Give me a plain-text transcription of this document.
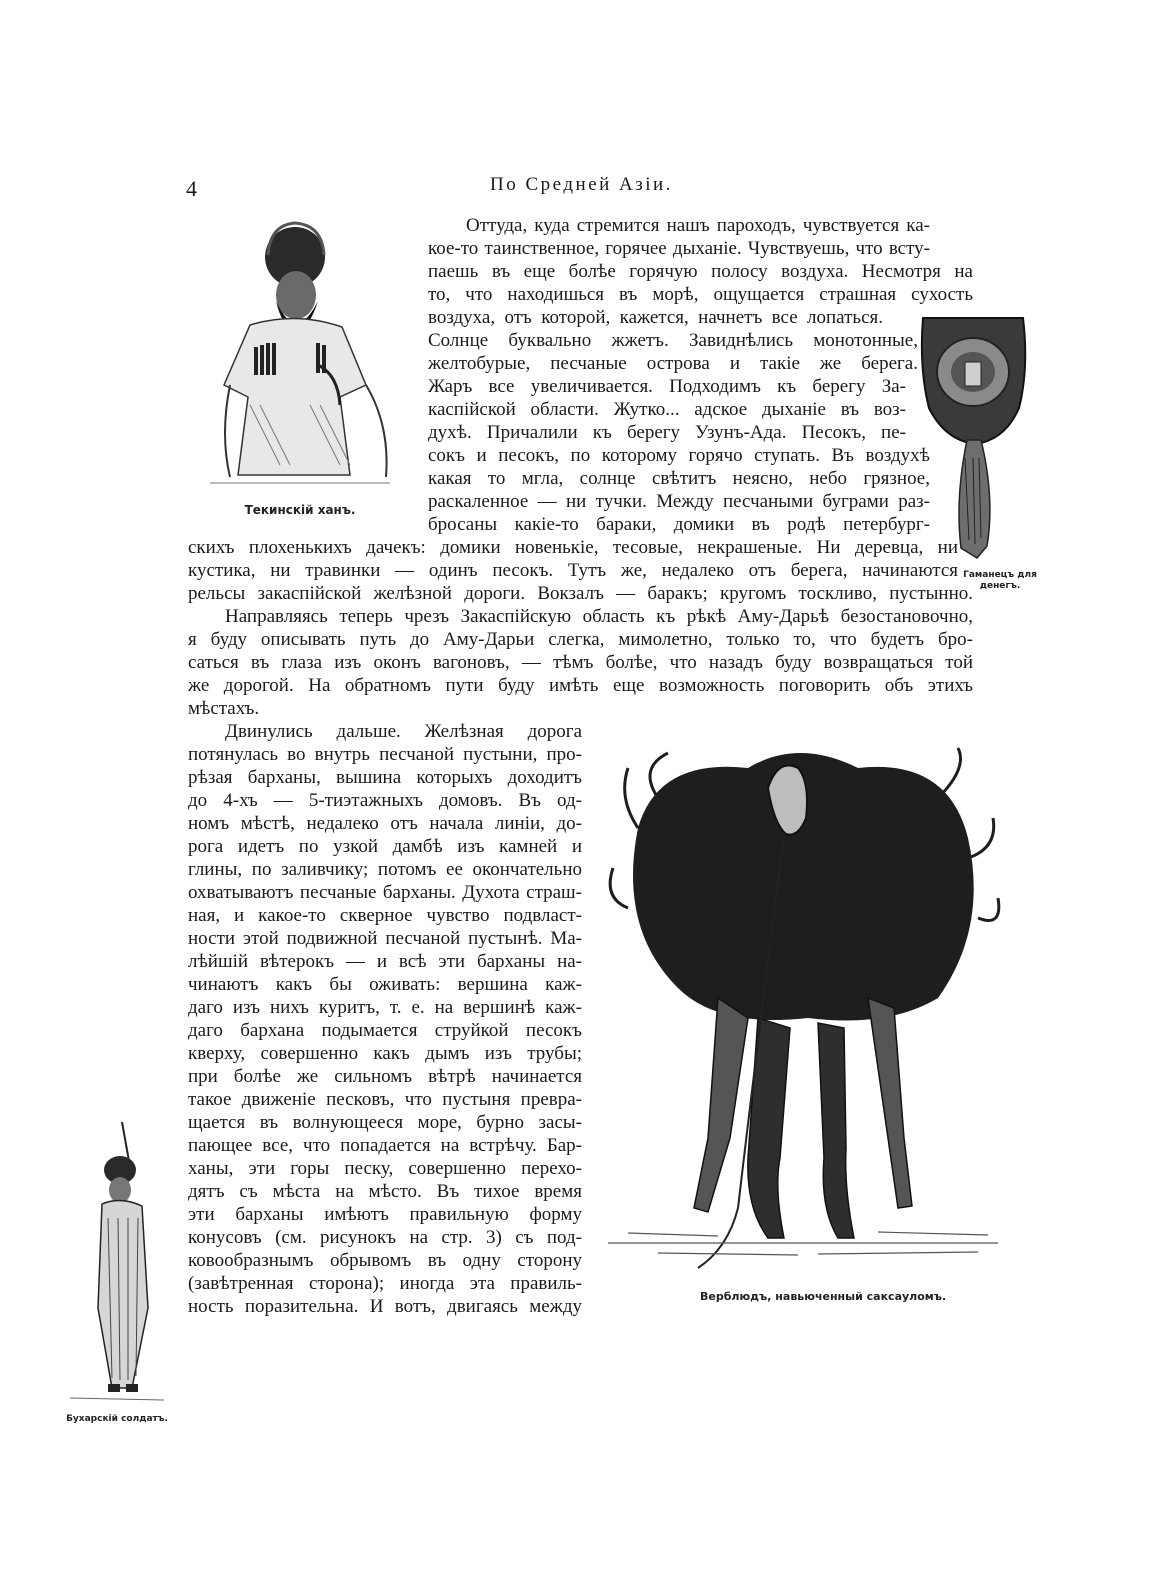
4	По Средней Азіи.
Текинскій ханъ.
Гаманецъ для
денегъ.
Верблюдъ, навьюченный саксауломъ.
Бухарскій солдатъ.
Оттуда, куда стремится нашъ пароходъ, чувствуется ка-
кое-то таинственное, горячее дыханіе. Чувствуешь, что всту-
паешь въ еще болѣе горячую полосу воздуха. Несмотря на
то, что находишься въ морѣ, ощущается страшная сухость
воздуха, отъ которой, кажется, начнетъ все лопаться.
Солнце буквально жжетъ. Завиднѣлись монотонные,
желтобурые, песчаные острова и такіе же берега.
Жаръ все увеличивается. Подходимъ къ берегу За-
каспійской области. Жутко... адское дыханіе въ воз-
духѣ. Причалили къ берегу Узунъ-Ада. Песокъ, пе-
сокъ и песокъ, по которому горячо ступать. Въ воздухѣ
какая то мгла, солнце свѣтитъ неясно, небо грязное,
раскаленное — ни тучки. Между песчаными буграми раз-
бросаны какіе-то бараки, домики въ родѣ петербург-
скихъ плохенькихъ дачекъ: домики новенькіе, тесовые, некрашеные. Ни деревца, ни
кустика, ни травинки — одинъ песокъ. Тутъ же, недалеко отъ берега, начинаются
рельсы закаспійской желѣзной дороги. Вокзалъ — баракъ; кругомъ тоскливо, пустынно.
Направляясь теперь чрезъ Закаспійскую область къ рѣкѣ Аму-Дарьѣ безостановочно,
я буду описывать путь до Аму-Дарьи слегка, мимолетно, только то, что будетъ бро-
саться въ глаза изъ оконъ вагоновъ, — тѣмъ болѣе, что назадъ буду возвращаться той
же дорогой. На обратномъ пути буду имѣть еще возможность поговорить объ этихъ
мѣстахъ.
Двинулись дальше. Желѣзная дорога
потянулась во внутрь песчаной пустыни, про-
рѣзая барханы, вышина которыхъ доходитъ
до 4-хъ — 5-тиэтажныхъ домовъ. Въ од-
номъ мѣстѣ, недалеко отъ начала линіи, до-
рога идетъ по узкой дамбѣ изъ камней и
глины, по заливчику; потомъ ее окончательно
охватываютъ песчаные барханы. Духота страш-
ная, и какое-то скверное чувство подвласт-
ности этой подвижной песчаной пустынѣ. Ма-
лѣйшій вѣтерокъ — и всѣ эти барханы на-
чинаютъ какъ бы оживать: вершина каж-
даго изъ нихъ куритъ, т. е. на вершинѣ каж-
даго бархана подымается струйкой песокъ
кверху, совершенно какъ дымъ изъ трубы;
при болѣе же сильномъ вѣтрѣ начинается
такое движеніе песковъ, что пустыня превра-
щается въ волнующееся море, бурно засы-
пающее все, что попадается на встрѣчу. Бар-
ханы, эти горы песку, совершенно перехо-
дятъ съ мѣста на мѣсто. Въ тихое время
эти барханы имѣютъ правильную форму
конусовъ (см. рисунокъ на стр. 3) съ под-
ковообразнымъ обрывомъ въ одну сторону
(завѣтренная сторона); иногда эта правиль-
ность поразительна. И вотъ, двигаясь между
